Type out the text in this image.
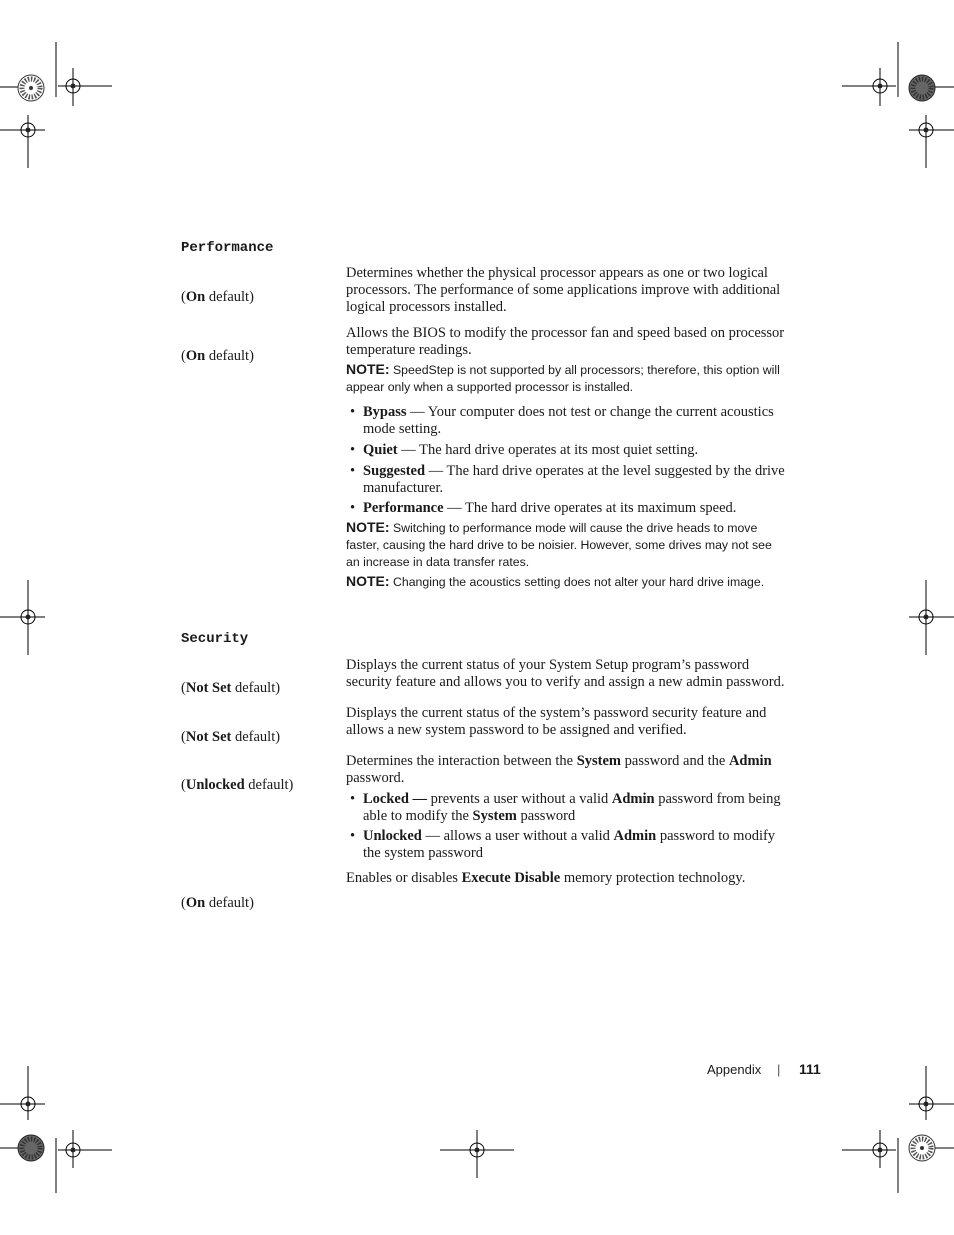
Performance
(On default)
Determines whether the physical processor appears as one or two logical processors. The performance of some applications improve with additional logical processors installed.
(On default)
Allows the BIOS to modify the processor fan and speed based on processor temperature readings.
NOTE: SpeedStep is not supported by all processors; therefore, this option will appear only when a supported processor is installed.
• Bypass — Your computer does not test or change the current acoustics mode setting.
• Quiet — The hard drive operates at its most quiet setting.
• Suggested — The hard drive operates at the level suggested by the drive manufacturer.
• Performance — The hard drive operates at its maximum speed.
NOTE: Switching to performance mode will cause the drive heads to move faster, causing the hard drive to be noisier. However, some drives may not see an increase in data transfer rates.
NOTE: Changing the acoustics setting does not alter your hard drive image.
Security
(Not Set default)
Displays the current status of your System Setup program’s password security feature and allows you to verify and assign a new admin password.
(Not Set default)
Displays the current status of the system’s password security feature and allows a new system password to be assigned and verified.
(Unlocked default)
Determines the interaction between the System password and the Admin password.
• Locked — prevents a user without a valid Admin password from being able to modify the System password
• Unlocked — allows a user without a valid Admin password to modify the system password
Enables or disables Execute Disable memory protection technology.
(On default)
Appendix | 111
